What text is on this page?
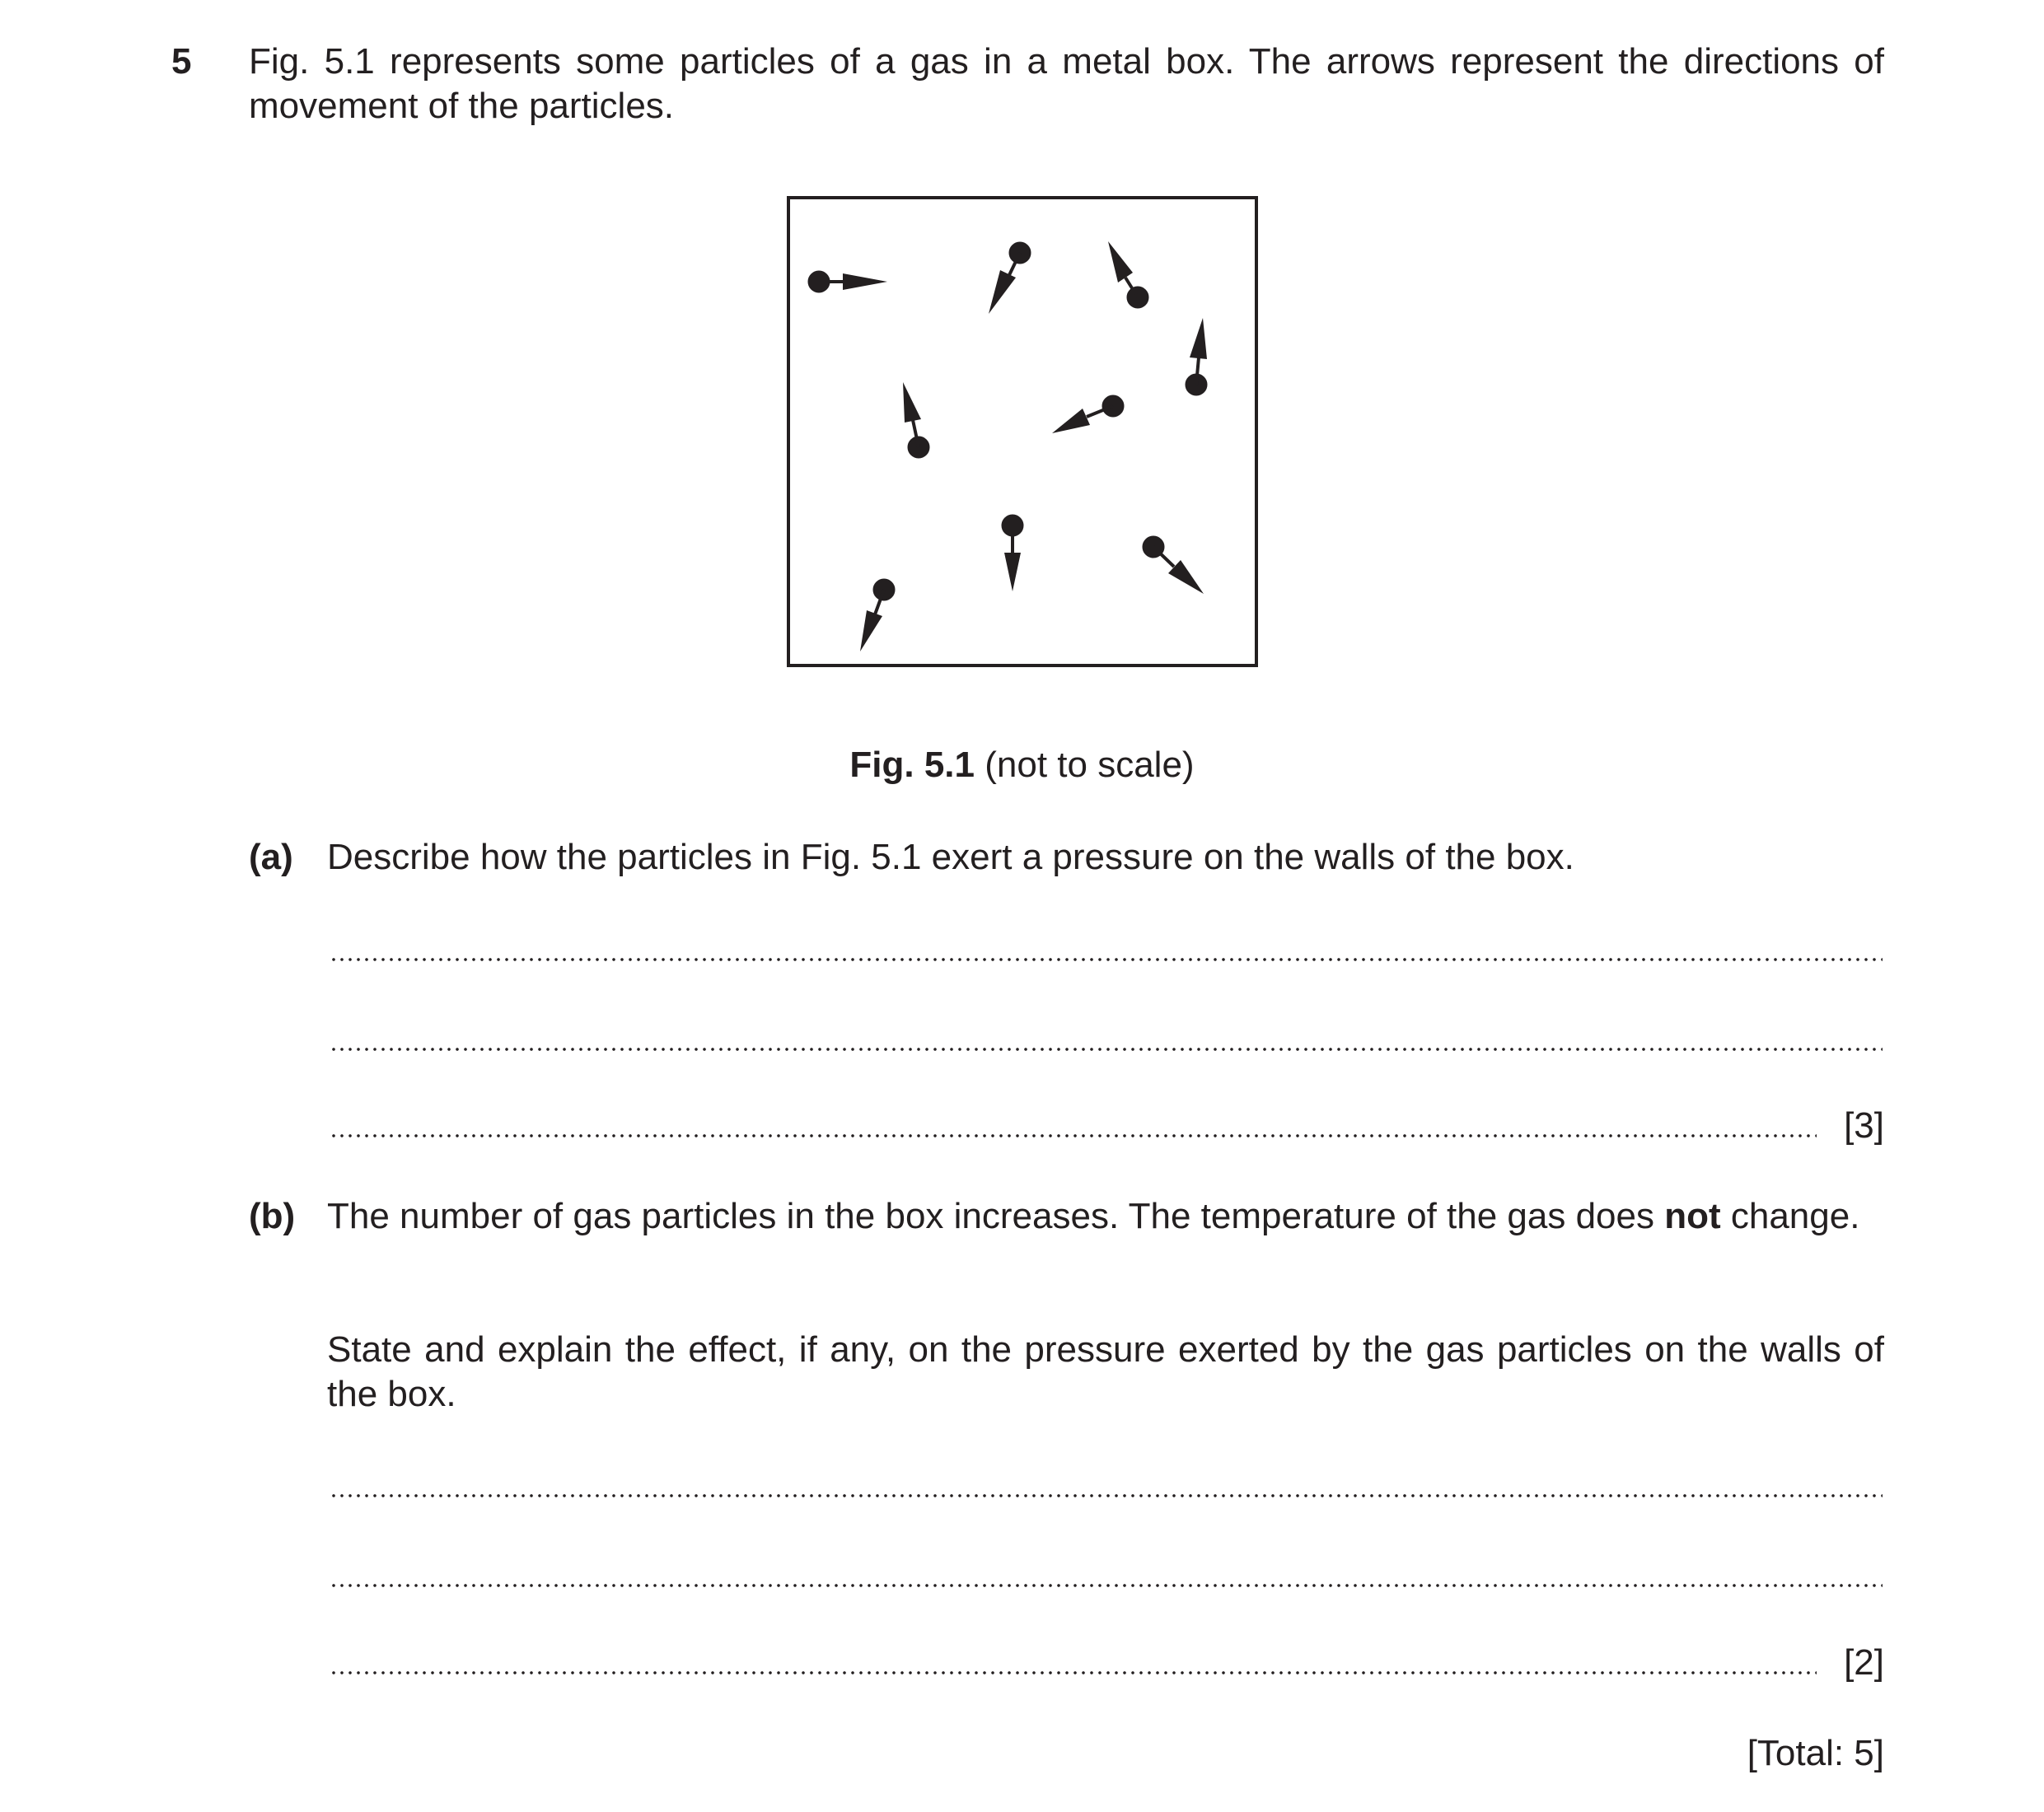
5 Fig. 5.1 represents some particles of a gas in a metal box. The arrows represent the directions of movement of the particles.
Fig. 5.1 (not to scale)
(a) Describe how the particles in Fig. 5.1 exert a pressure on the walls of the box.
[3]
(b) The number of gas particles in the box increases. The temperature of the gas does not change.
State and explain the effect, if any, on the pressure exerted by the gas particles on the walls of the box.
[2]
[Total: 5]
